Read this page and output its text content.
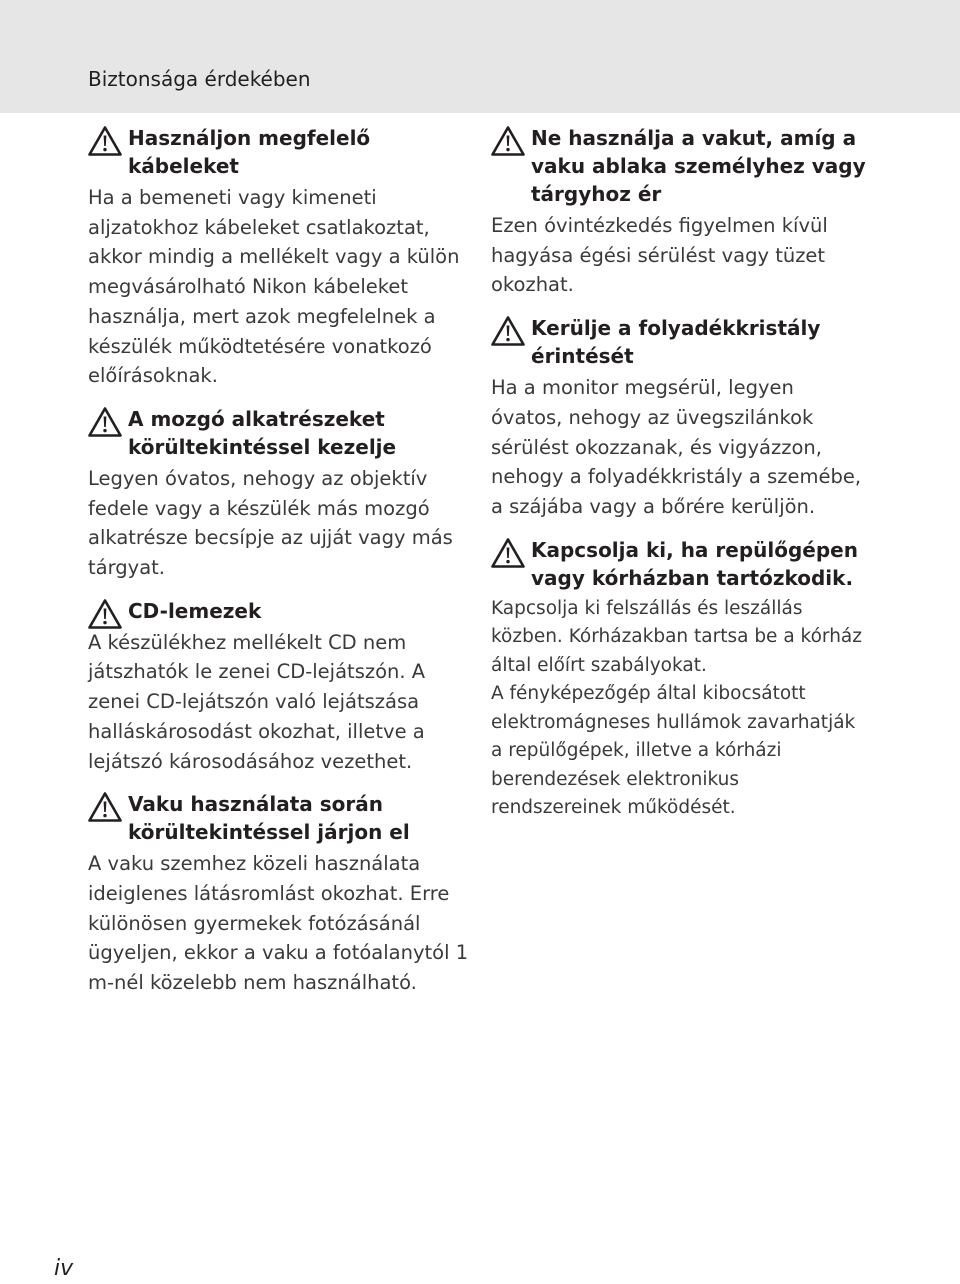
Biztonsága érdekében
Használjon megfelelő kábeleket
Ha a bemeneti vagy kimeneti aljzatokhoz kábeleket csatlakoztat, akkor mindig a mellékelt vagy a külön megvásárolható Nikon kábeleket használja, mert azok megfelelnek a készülék működtetésére vonatkozó előírásoknak.
A mozgó alkatrészeket körültekintéssel kezelje
Legyen óvatos, nehogy az objektív fedele vagy a készülék más mozgó alkatrésze becsípje az ujját vagy más tárgyat.
CD-lemezek
A készülékhez mellékelt CD nem játszhatók le zenei CD-lejátszón. A zenei CD-lejátszón való lejátszása halláskárosodást okozhat, illetve a lejátszó károsodásához vezethet.
Vaku használata során körültekintéssel járjon el
A vaku szemhez közeli használata ideiglenes látásromlást okozhat. Erre különösen gyermekek fotózásánál ügyeljen, ekkor a vaku a fotóalanytól 1 m-nél közelebb nem használható.
Ne használja a vakut, amíg a vaku ablaka személyhez vagy tárgyhoz ér
Ezen óvintézkedés figyelmen kívül hagyása égési sérülést vagy tüzet okozhat.
Kerülje a folyadékkristály érintését
Ha a monitor megsérül, legyen óvatos, nehogy az üvegszilánkok sérülést okozzanak, és vigyázzon, nehogy a folyadékkristály a szemébe, a szájába vagy a bőrére kerüljön.
Kapcsolja ki, ha repülőgépen vagy kórházban tartózkodik.

Kapcsolja ki felszállás és leszállás közben. Kórházakban tartsa be a kórház által előírt szabályokat.

A fényképezőgép által kibocsátott elektromágneses hullámok zavarhatják a repülőgépek, illetve a kórházi berendezések elektronikus rendszereinek működését.

iv
